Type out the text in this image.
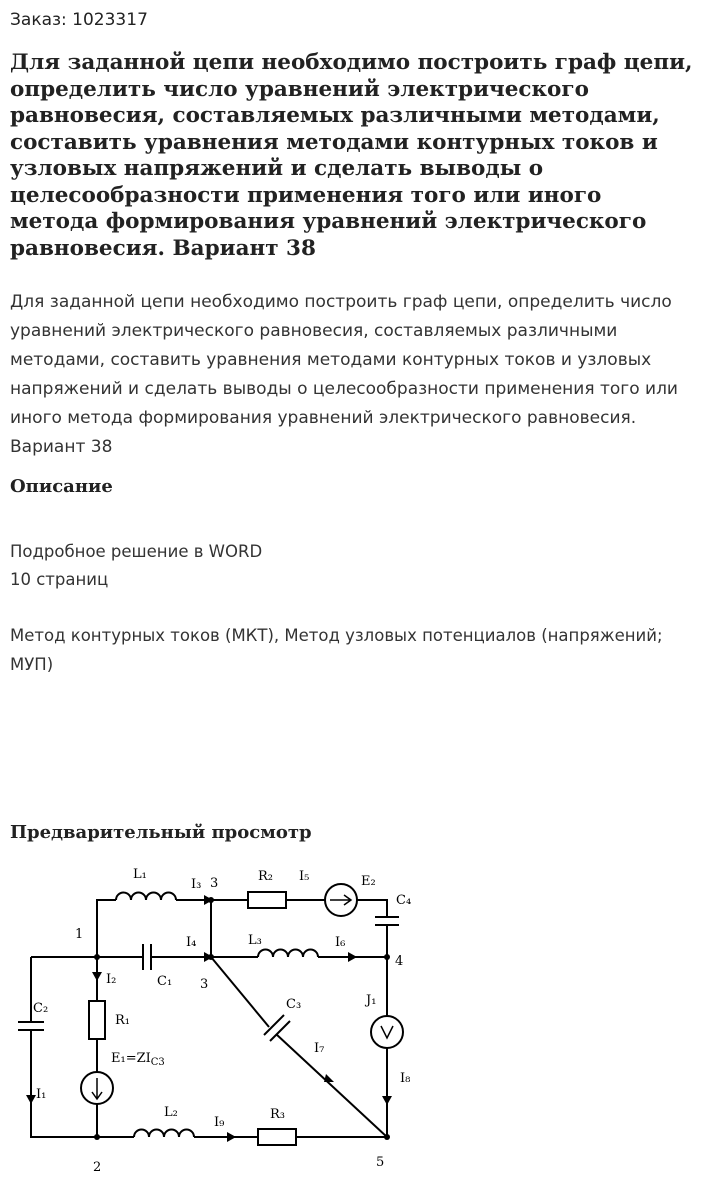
Заказ: 1023317
Для заданной цепи необходимо построить граф цепи, определить число уравнений электрического равновесия, составляемых различными методами, составить уравнения методами контурных токов и узловых напряжений и сделать выводы о целесообразности применения того или иного метода формирования уравнений электрического равновесия. Вариант 38

Для заданной цепи необходимо построить граф цепи, определить число уравнений электрического равновесия, составляемых различными методами, составить уравнения методами контурных токов и узловых напряжений и сделать выводы о целесообразности применения того или иного метода формирования уравнений электрического равновесия. Вариант 38

Описание

Подробное решение в WORD

10 страниц

Метод контурных токов (МКТ), Метод узловых потенциалов (напряжений; МУП)

Предварительный просмотр
L₁
I₃ 3	R₂ I₅	E₂
C₄
1
I₄	L₃	I₆
4
I₂	C₁ 3
C₃
C₂
R₁
J₁
I₇
$E_1=ZI_{C3}$
I₁
I₈
L₂
I₉
R₃
2	5
